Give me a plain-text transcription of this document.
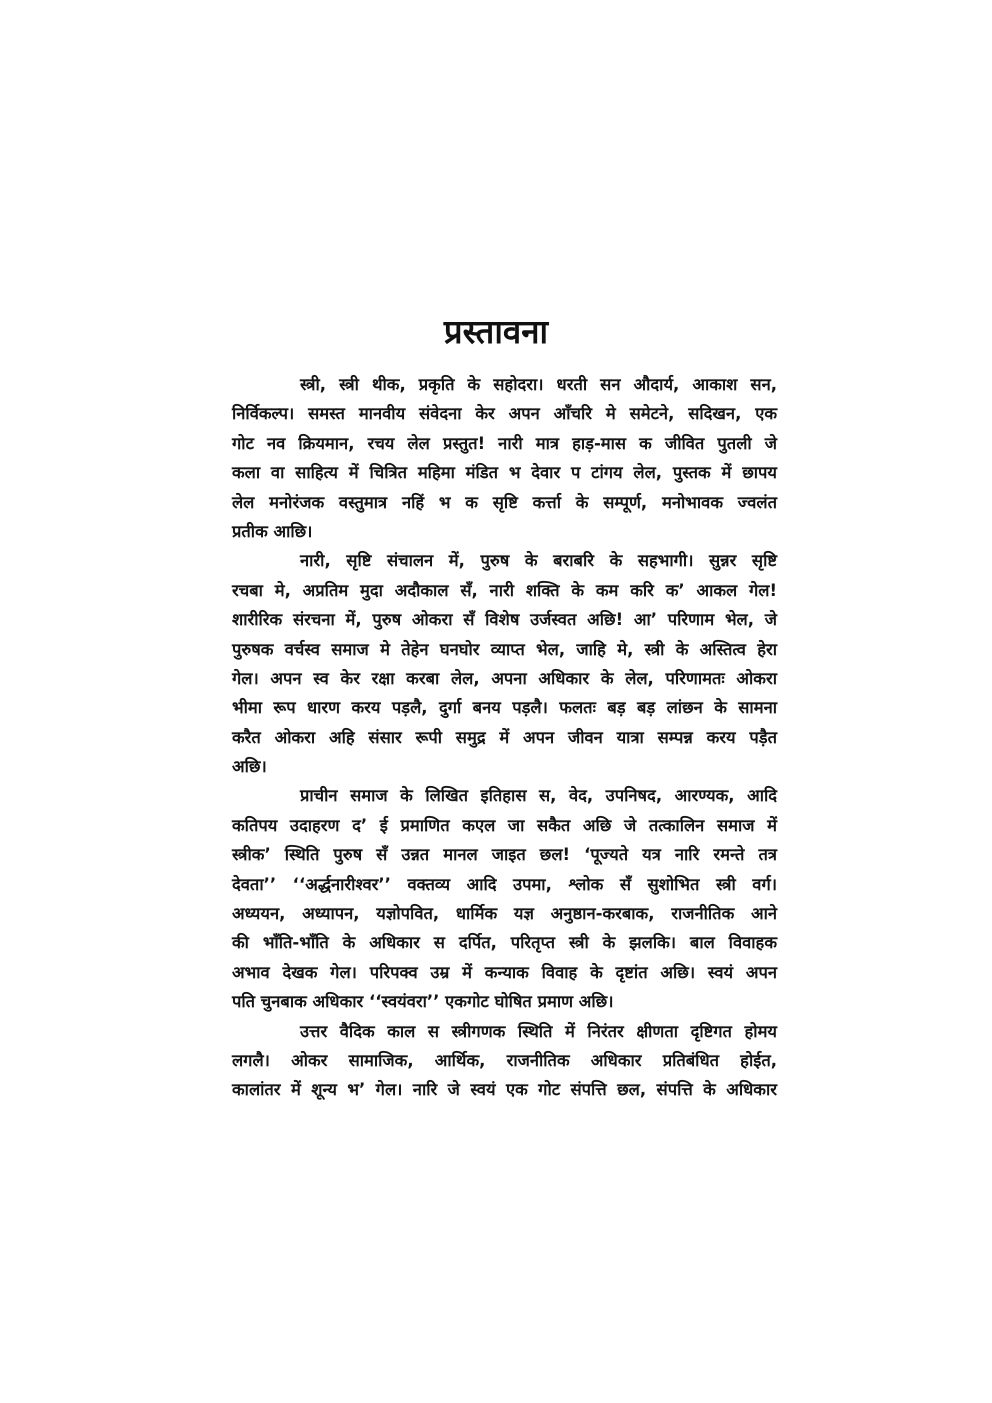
प्रस्तावना
स्त्री, स्त्री थीक, प्रकृति के सहोदरा। धरती सन औदार्य, आकाश सन,
निर्विकल्प। समस्त मानवीय संवेदना केर अपन आँचरि मे समेटने, सदिखन, एक
गोट नव क्रियमान, रचय लेल प्रस्तुत! नारी मात्र हाड़-मास क जीवित पुतली जे
कला वा साहित्य में चित्रित महिमा मंडित भ देवार प टांगय लेल, पुस्तक में छापय
लेल मनोरंजक वस्तुमात्र नहिं भ क सृष्टि कर्त्ता के सम्पूर्ण, मनोभावक ज्वलंत
प्रतीक आछि।
नारी, सृष्टि संचालन में, पुरुष के बराबरि के सहभागी। सुन्नर सृष्टि
रचबा मे, अप्रतिम मुदा अदौकाल सँ, नारी शक्ति के कम करि क’ आकल गेल!
शारीरिक संरचना में, पुरुष ओकरा सँ विशेष उर्जस्वत अछि! आ’ परिणाम भेल, जे
पुरुषक वर्चस्व समाज मे तेहेन घनघोर व्याप्त भेल, जाहि मे, स्त्री के अस्तित्व हेरा
गेल। अपन स्व केर रक्षा करबा लेल, अपना अधिकार के लेल, परिणामतः ओकरा
भीमा रूप धारण करय पड़लै, दुर्गा बनय पड़लै। फलतः बड़ बड़ लांछन के सामना
करैत ओकरा अहि संसार रूपी समुद्र में अपन जीवन यात्रा सम्पन्न करय पड़ैत
अछि।
प्राचीन समाज के लिखित इतिहास स, वेद, उपनिषद, आरण्यक, आदि
कतिपय उदाहरण द’ ई प्रमाणित कएल जा सकैत अछि जे तत्कालिन समाज में
स्त्रीक’ स्थिति पुरुष सँ उन्नत मानल जाइत छल! ‘पूज्यते यत्र नारि रमन्ते तत्र
देवता’’ ‘‘अर्द्धनारीश्वर’’ वक्तव्य आदि उपमा, श्लोक सँ सुशोभित स्त्री वर्ग।
अध्ययन, अध्यापन, यज्ञोपवित, धार्मिक यज्ञ अनुष्ठान-करबाक, राजनीतिक आने
की भाँति-भाँति के अधिकार स दर्पित, परितृप्त स्त्री के झलकि। बाल विवाहक
अभाव देखक गेल। परिपक्व उम्र में कन्याक विवाह के दृष्टांत अछि। स्वयं अपन
पति चुनबाक अधिकार ‘‘स्वयंवरा’’ एकगोट घोषित प्रमाण अछि।
उत्तर वैदिक काल स स्त्रीगणक स्थिति में निरंतर क्षीणता दृष्टिगत होमय
लगलै। ओकर सामाजिक, आर्थिक, राजनीतिक अधिकार प्रतिबंधित होईत,
कालांतर में शून्य भ’ गेल। नारि जे स्वयं एक गोट संपत्ति छल, संपत्ति के अधिकार
